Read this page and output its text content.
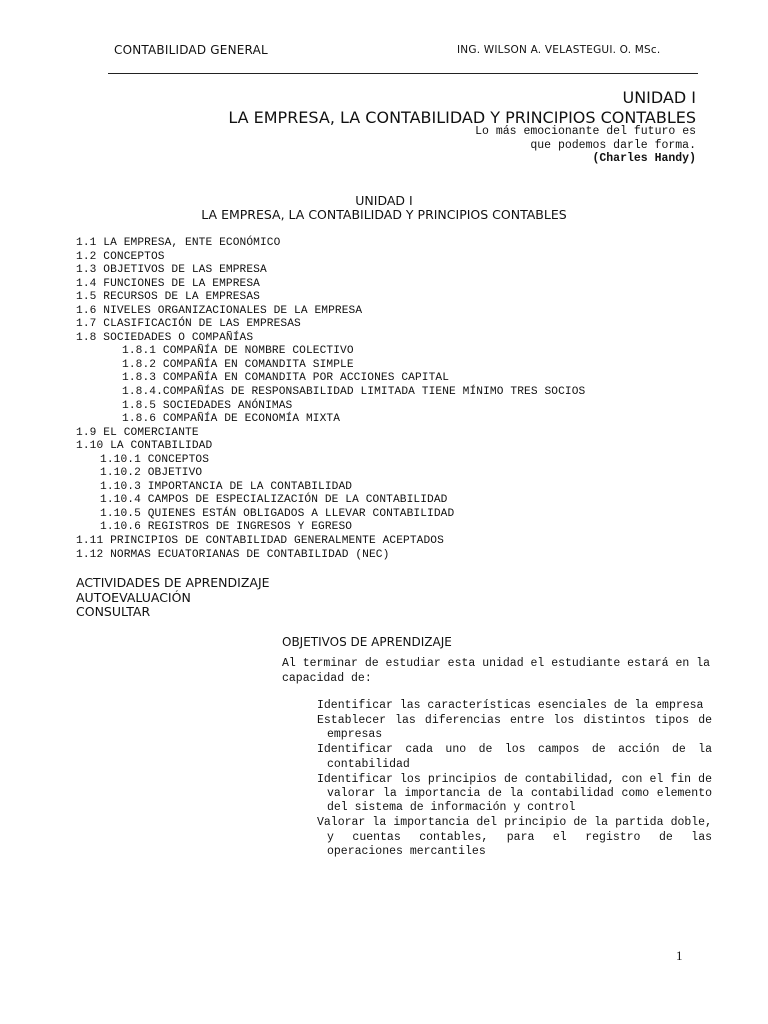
CONTABILIDAD GENERAL	ING. WILSON A. VELASTEGUI. O. MSc.
UNIDAD I
LA EMPRESA, LA CONTABILIDAD Y PRINCIPIOS CONTABLES
Lo más emocionante del futuro es
que podemos darle forma.
(Charles Handy)
UNIDAD I
LA EMPRESA, LA CONTABILIDAD Y PRINCIPIOS CONTABLES
1.1 LA EMPRESA, ENTE ECONÓMICO
1.2 CONCEPTOS
1.3 OBJETIVOS DE LAS EMPRESA
1.4 FUNCIONES DE LA EMPRESA
1.5 RECURSOS DE LA EMPRESAS
1.6 NIVELES ORGANIZACIONALES DE LA EMPRESA
1.7 CLASIFICACIÓN DE LAS EMPRESAS
1.8 SOCIEDADES O COMPAÑÍAS
1.8.1 COMPAÑÍA DE NOMBRE COLECTIVO
1.8.2 COMPAÑÍA EN COMANDITA SIMPLE
1.8.3 COMPAÑÍA EN COMANDITA POR ACCIONES CAPITAL
1.8.4.COMPAÑÍAS DE RESPONSABILIDAD LIMITADA TIENE MÍNIMO TRES SOCIOS
1.8.5 SOCIEDADES ANÓNIMAS
1.8.6 COMPAÑÍA DE ECONOMÍA MIXTA
1.9 EL COMERCIANTE
1.10 LA CONTABILIDAD
1.10.1 CONCEPTOS
1.10.2 OBJETIVO
1.10.3 IMPORTANCIA DE LA CONTABILIDAD
1.10.4 CAMPOS DE ESPECIALIZACIÓN DE LA CONTABILIDAD
1.10.5 QUIENES ESTÁN OBLIGADOS A LLEVAR CONTABILIDAD
1.10.6 REGISTROS DE INGRESOS Y EGRESO
1.11 PRINCIPIOS DE CONTABILIDAD GENERALMENTE ACEPTADOS
1.12 NORMAS ECUATORIANAS DE CONTABILIDAD (NEC)
ACTIVIDADES DE APRENDIZAJE
AUTOEVALUACIÓN
CONSULTAR
OBJETIVOS DE APRENDIZAJE
Al terminar de estudiar esta unidad el estudiante estará en la capacidad de:
Identificar las características esenciales de la empresa
Establecer las diferencias entre los distintos tipos de empresas
Identificar cada uno de los campos de acción de la contabilidad
Identificar los principios de contabilidad, con el fin de valorar la importancia de la contabilidad como elemento del sistema de información y control
Valorar la importancia del principio de la partida doble, y cuentas contables, para el registro de las operaciones mercantiles
1
